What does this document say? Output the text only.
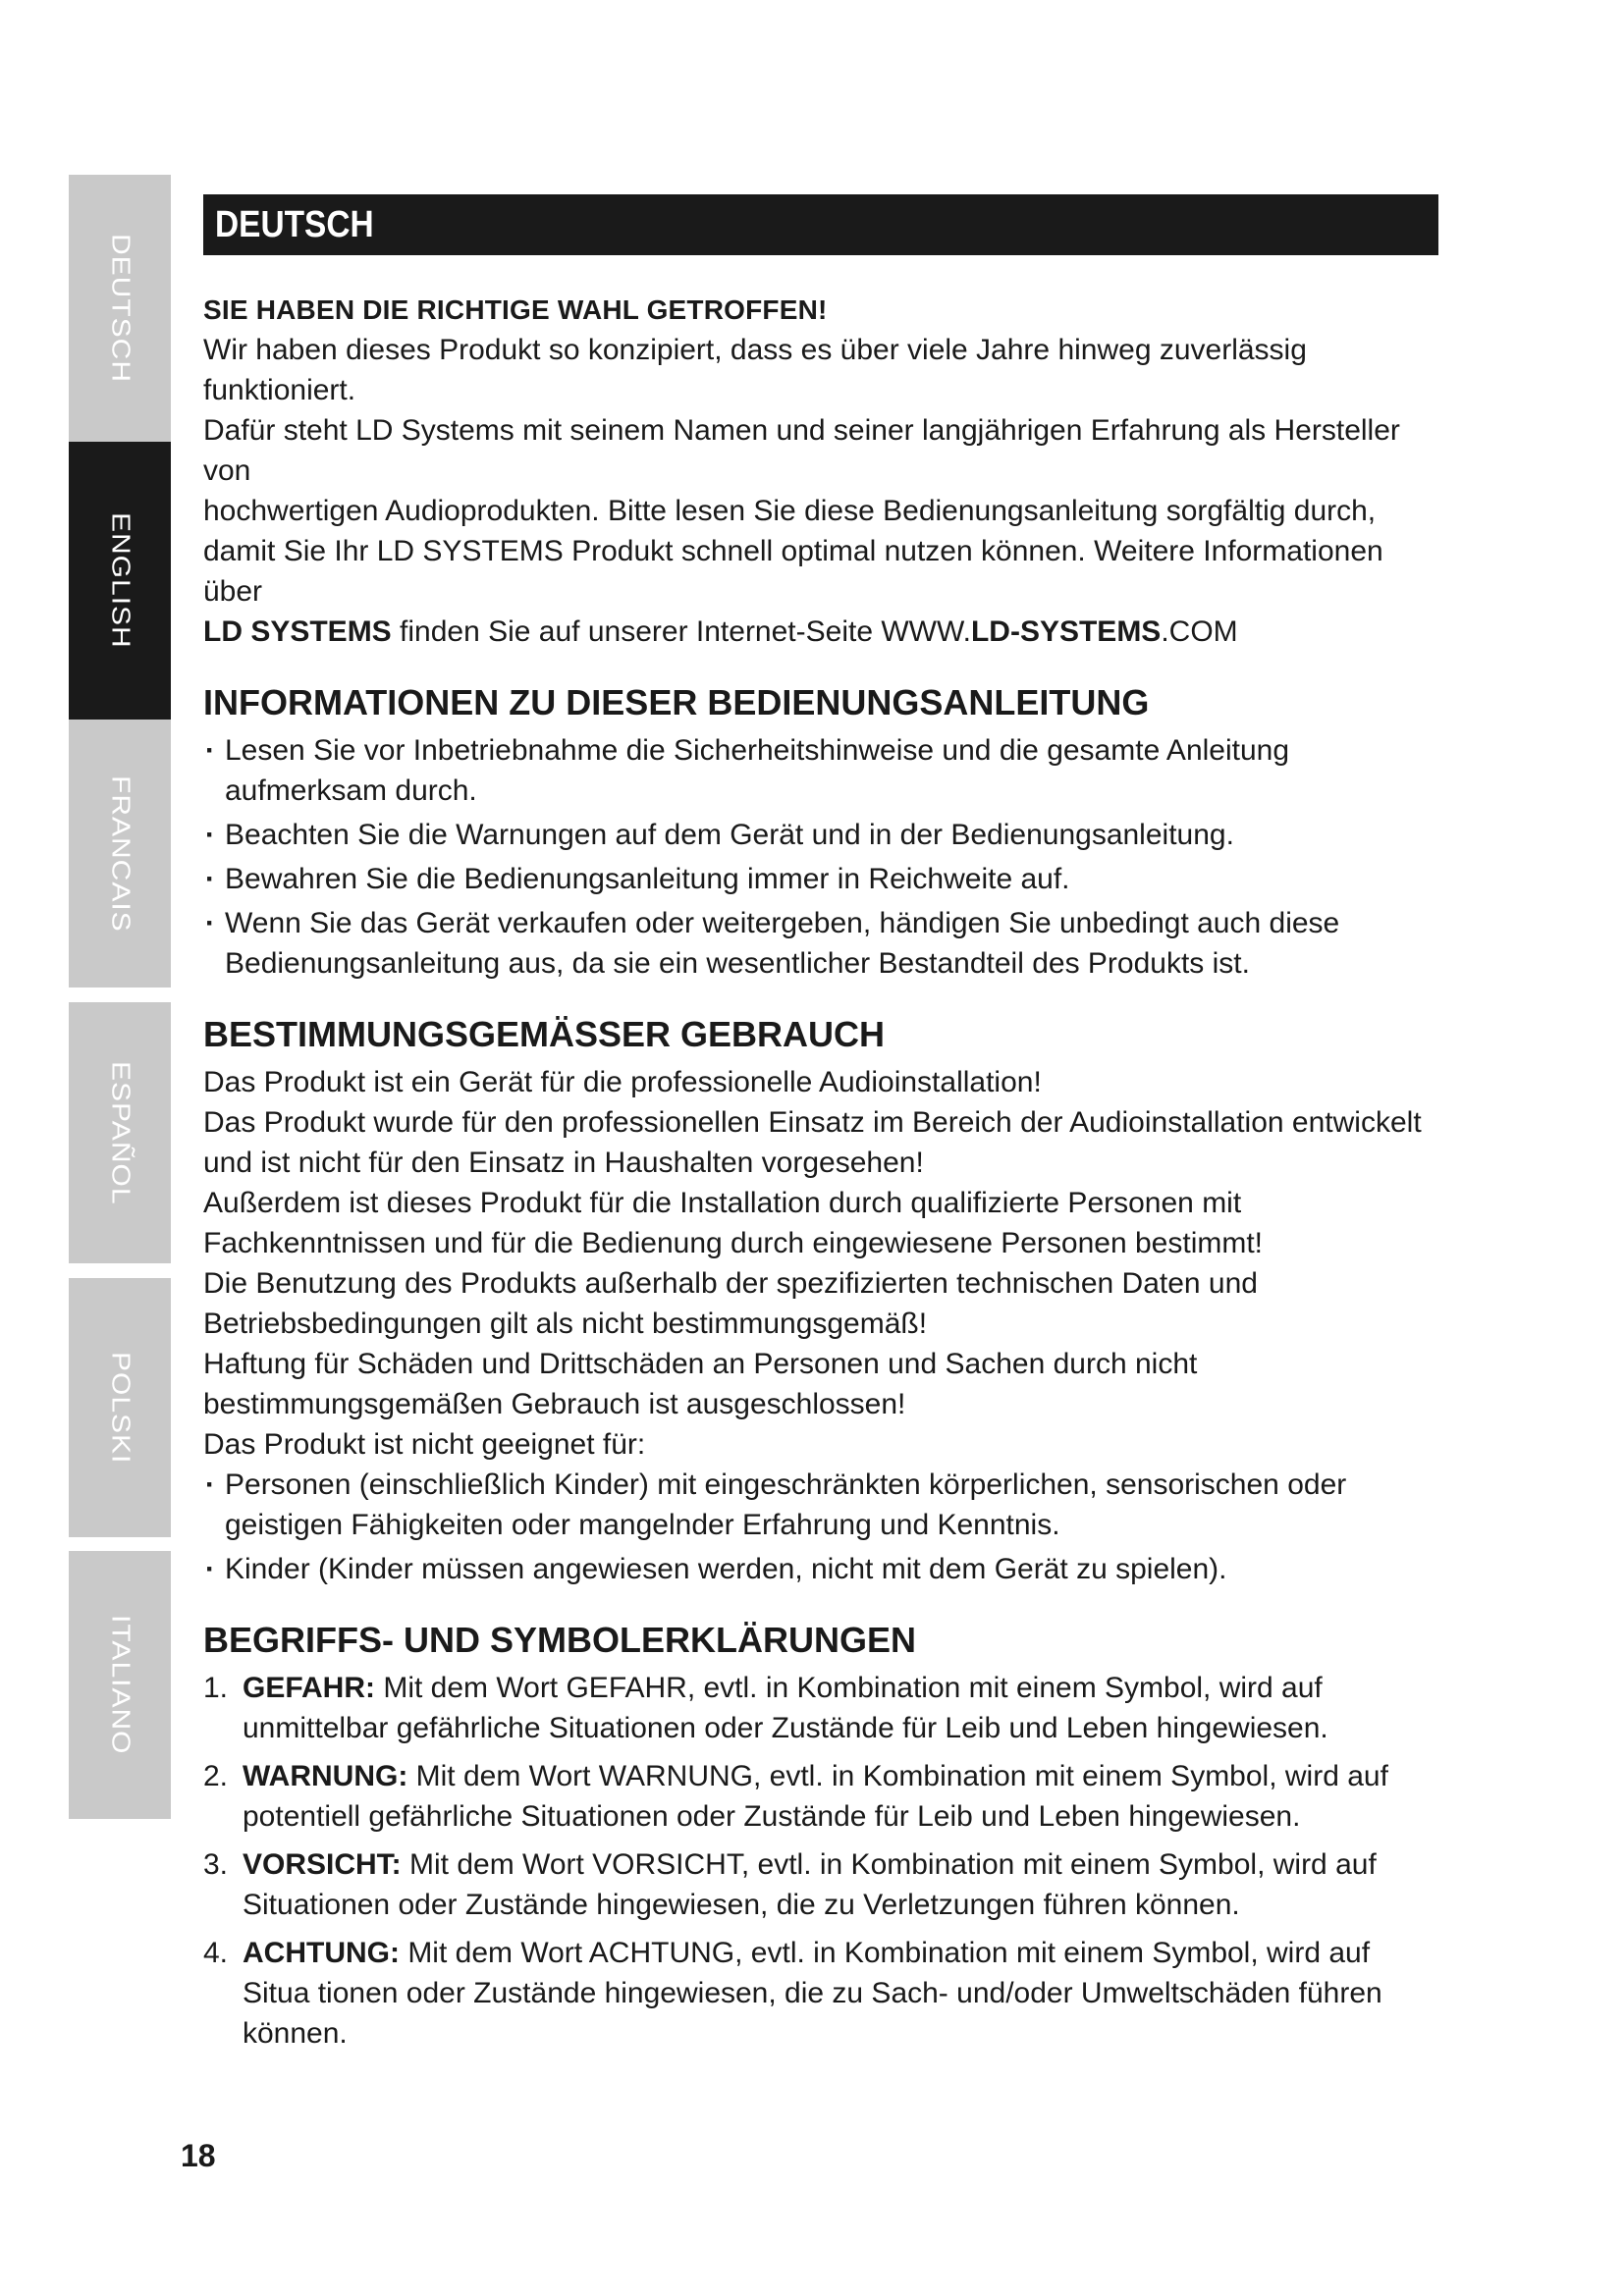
DEUTSCH
ENGLISH
FRANCAIS
ESPAÑOL
POLSKI
ITALIANO
DEUTSCH
SIE HABEN DIE RICHTIGE WAHL GETROFFEN!
Wir haben dieses Produkt so konzipiert, dass es über viele Jahre hinweg zuverlässig funktioniert.
Dafür steht LD Systems mit seinem Namen und seiner langjährigen Erfahrung als Hersteller von
hochwertigen Audioprodukten. Bitte lesen Sie diese Bedienungsanleitung sorgfältig durch,
damit Sie Ihr LD SYSTEMS Produkt schnell optimal nutzen können. Weitere Informationen über
LD SYSTEMS finden Sie auf unserer Internet-Seite WWW.LD-SYSTEMS.COM
INFORMATIONEN ZU DIESER BEDIENUNGSANLEITUNG
· Lesen Sie vor Inbetriebnahme die Sicherheitshinweise und die gesamte Anleitung aufmerksam durch.
· Beachten Sie die Warnungen auf dem Gerät und in der Bedienungsanleitung.
· Bewahren Sie die Bedienungsanleitung immer in Reichweite auf.
· Wenn Sie das Gerät verkaufen oder weitergeben, händigen Sie unbedingt auch diese Bedienungsanleitung aus, da sie ein wesentlicher Bestandteil des Produkts ist.
BESTIMMUNGSGEMÄSSER GEBRAUCH
Das Produkt ist ein Gerät für die professionelle Audioinstallation!
Das Produkt wurde für den professionellen Einsatz im Bereich der Audioinstallation entwickelt
und ist nicht für den Einsatz in Haushalten vorgesehen!
Außerdem ist dieses Produkt für die Installation durch qualifizierte Personen mit
Fachkenntnissen und für die Bedienung durch eingewiesene Personen bestimmt!
Die Benutzung des Produkts außerhalb der spezifizierten technischen Daten und
Betriebsbedingungen gilt als nicht bestimmungsgemäß!
Haftung für Schäden und Drittschäden an Personen und Sachen durch nicht
bestimmungsgemäßen Gebrauch ist ausgeschlossen!
Das Produkt ist nicht geeignet für:
· Personen (einschließlich Kinder) mit eingeschränkten körperlichen, sensorischen oder geistigen Fähigkeiten oder mangelnder Erfahrung und Kenntnis.
· Kinder (Kinder müssen angewiesen werden, nicht mit dem Gerät zu spielen).
BEGRIFFS- UND SYMBOLERKLÄRUNGEN
1. GEFAHR: Mit dem Wort GEFAHR, evtl. in Kombination mit einem Symbol, wird auf unmittelbar gefährliche Situationen oder Zustände für Leib und Leben hingewiesen.
2. WARNUNG: Mit dem Wort WARNUNG, evtl. in Kombination mit einem Symbol, wird auf potentiell gefährliche Situationen oder Zustände für Leib und Leben hingewiesen.
3. VORSICHT: Mit dem Wort VORSICHT, evtl. in Kombination mit einem Symbol, wird auf Situationen oder Zustände hingewiesen, die zu Verletzungen führen können.
4. ACHTUNG: Mit dem Wort ACHTUNG, evtl. in Kombination mit einem Symbol, wird auf Situa tionen oder Zustände hingewiesen, die zu Sach- und/oder Umweltschäden führen können.
18
